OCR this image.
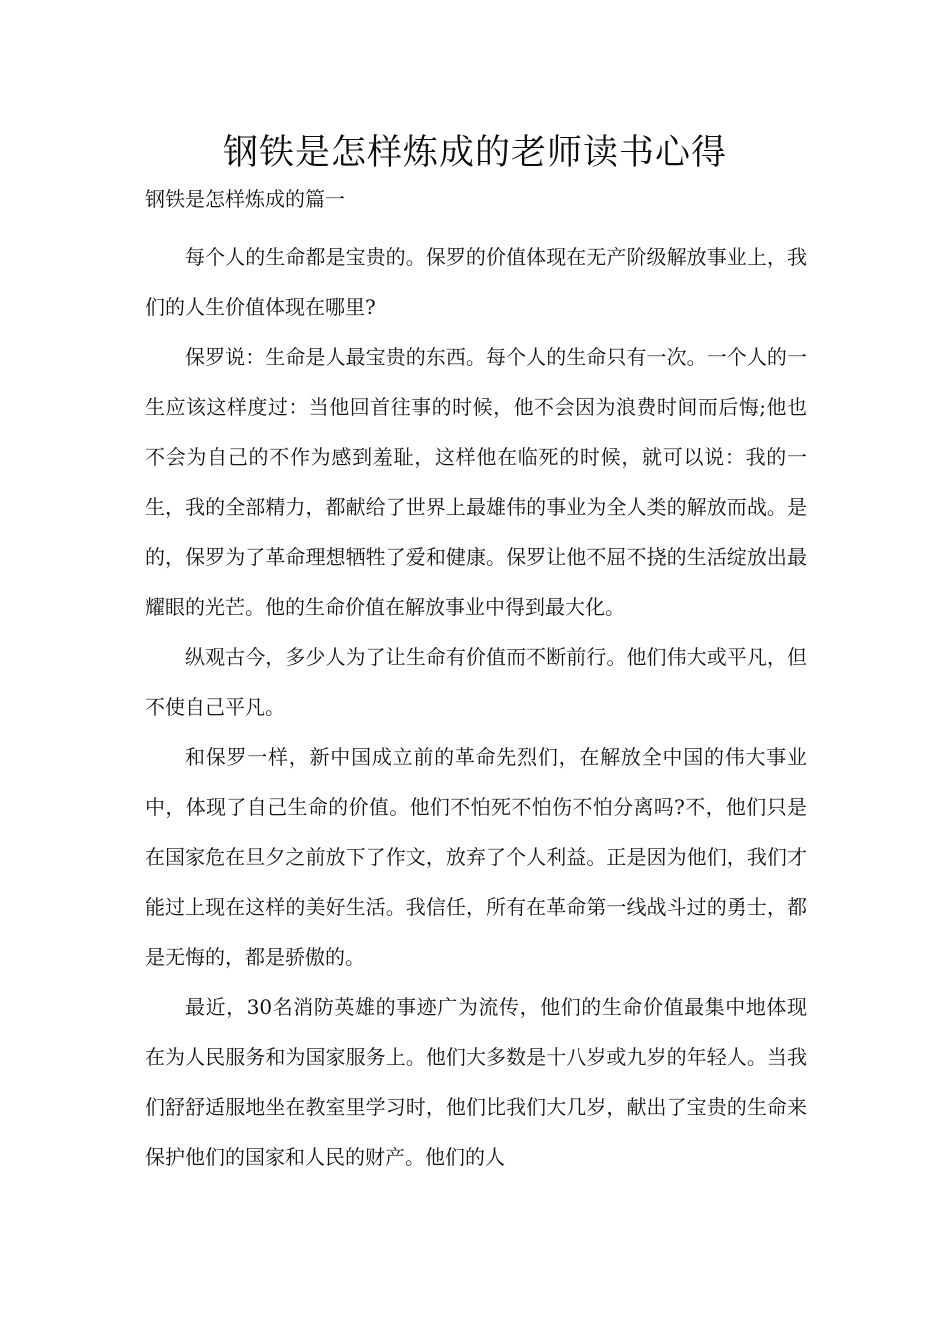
钢铁是怎样炼成的老师读书心得
钢铁是怎样炼成的篇一

每个人的生命都是宝贵的。保罗的价值体现在无产阶级解放事业上，我们的人生价值体现在哪里?

保罗说：生命是人最宝贵的东西。每个人的生命只有一次。一个人的一生应该这样度过：当他回首往事的时候，他不会因为浪费时间而后悔;他也不会为自己的不作为感到羞耻，这样他在临死的时候，就可以说：我的一生，我的全部精力，都献给了世界上最雄伟的事业为全人类的解放而战。是的，保罗为了革命理想牺牲了爱和健康。保罗让他不屈不挠的生活绽放出最耀眼的光芒。他的生命价值在解放事业中得到最大化。

纵观古今，多少人为了让生命有价值而不断前行。他们伟大或平凡，但不使自己平凡。

和保罗一样，新中国成立前的革命先烈们，在解放全中国的伟大事业中，体现了自己生命的价值。他们不怕死不怕伤不怕分离吗?不，他们只是在国家危在旦夕之前放下了作文，放弃了个人利益。正是因为他们，我们才能过上现在这样的美好生活。我信任，所有在革命第一线战斗过的勇士，都是无悔的，都是骄傲的。

最近，30名消防英雄的事迹广为流传，他们的生命价值最集中地体现在为人民服务和为国家服务上。他们大多数是十八岁或九岁的年轻人。当我们舒舒适服地坐在教室里学习时，他们比我们大几岁，献出了宝贵的生命来保护他们的国家和人民的财产。他们的人
